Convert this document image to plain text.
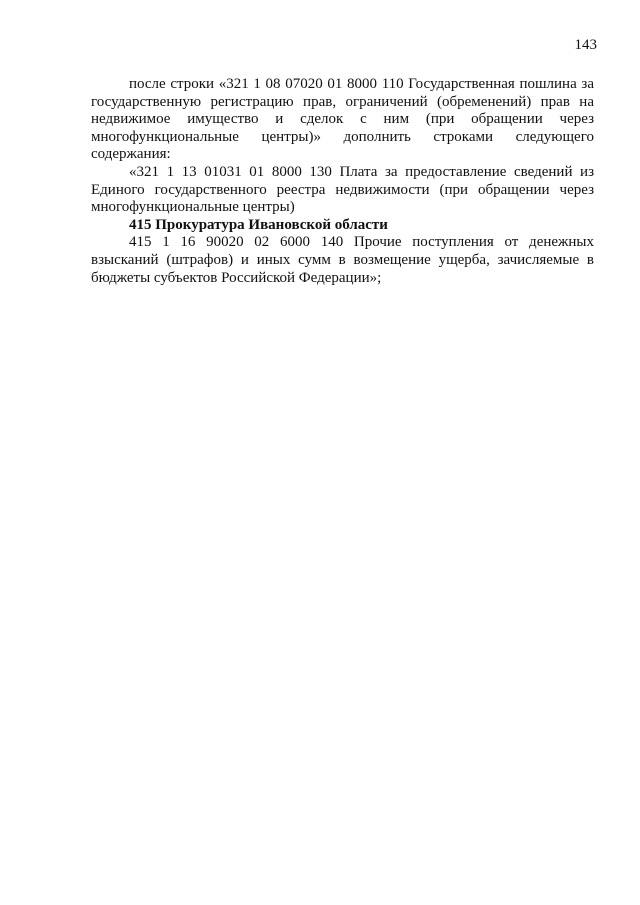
143

после строки «321 1 08 07020 01 8000 110 Государственная пошлина за государственную регистрацию прав, ограничений (обременений) прав на недвижимое имущество и сделок с ним (при обращении через многофункциональные центры)» дополнить строками следующего содержания:

«321 1 13 01031 01 8000 130 Плата за предоставление сведений из Единого государственного реестра недвижимости (при обращении через многофункциональные центры)

415 Прокуратура Ивановской области

415 1 16 90020 02 6000 140 Прочие поступления от денежных взысканий (штрафов) и иных сумм в возмещение ущерба, зачисляемые в бюджеты субъектов Российской Федерации»;
